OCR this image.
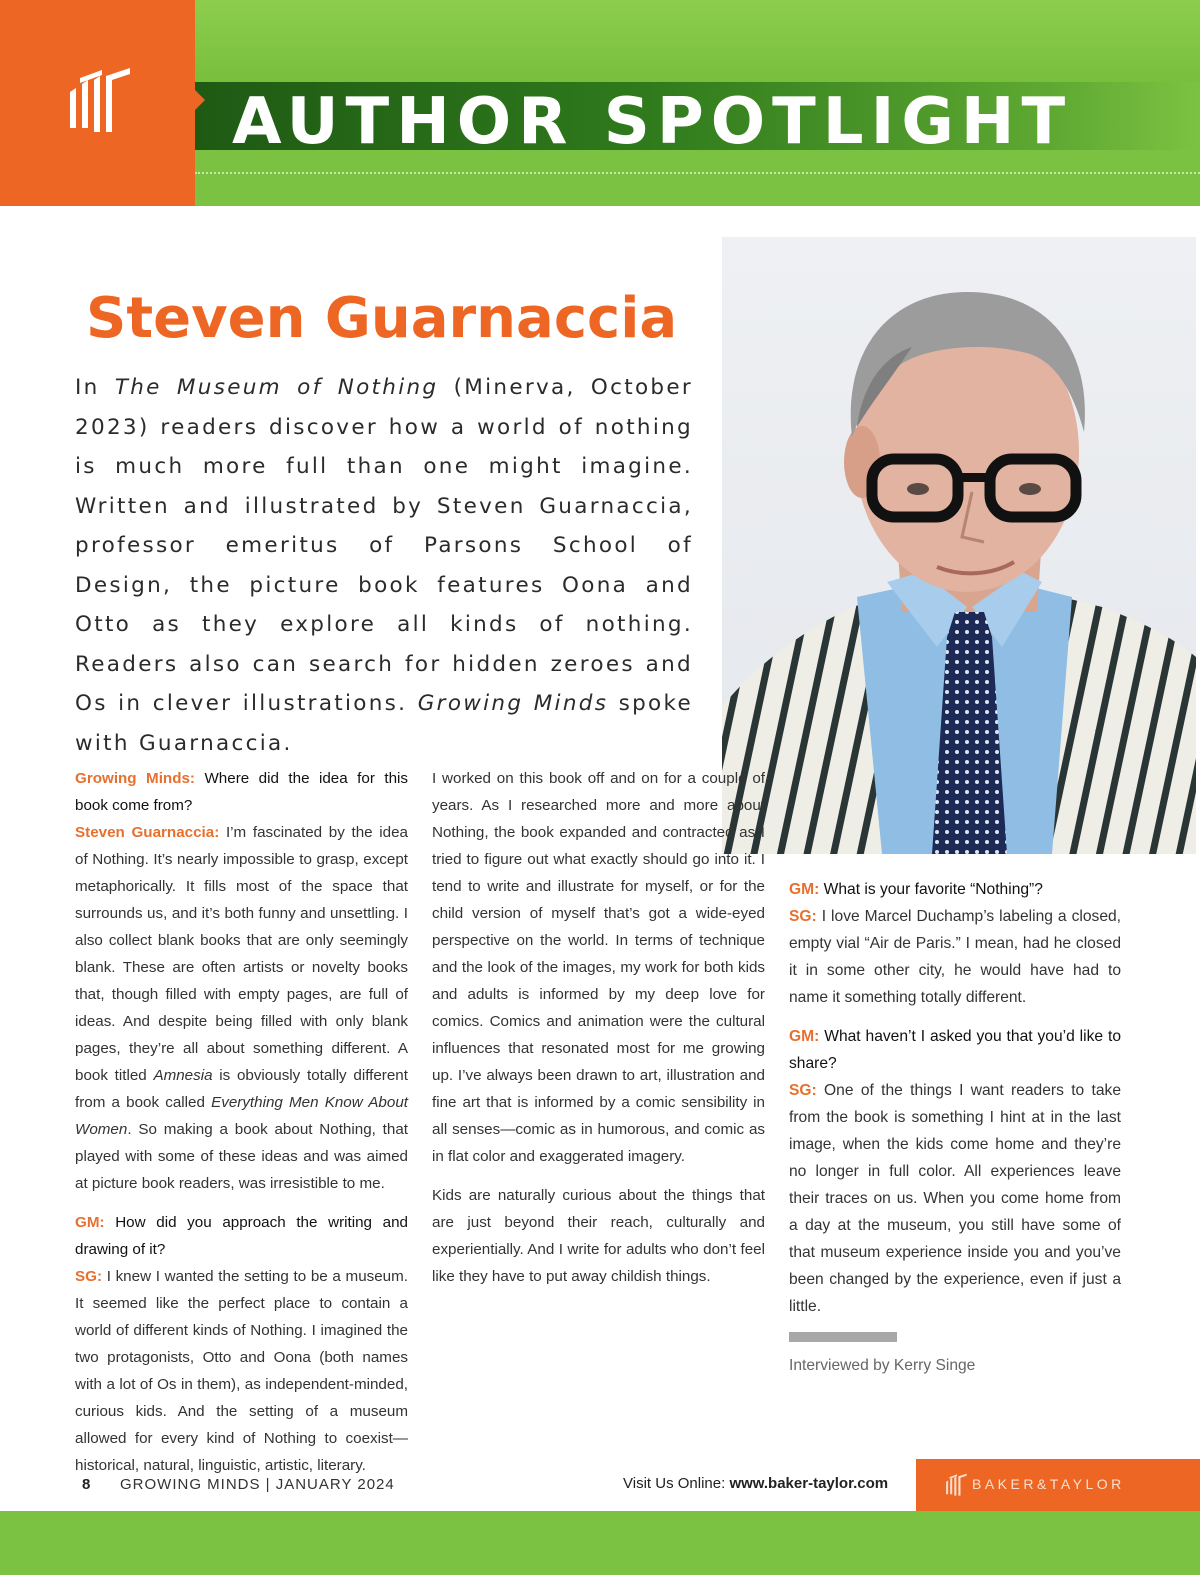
AUTHOR SPOTLIGHT
Steven Guarnaccia

In The Museum of Nothing (Minerva, October 2023) readers discover how a world of nothing is much more full than one might imagine. Written and illustrated by Steven Guarnaccia, professor emeritus of Parsons School of Design, the picture book features Oona and Otto as they explore all kinds of nothing. Readers also can search for hidden zeroes and Os in clever illustrations. Growing Minds spoke with Guarnaccia.

Growing Minds: Where did the idea for this book come from?
Steven Guarnaccia: I’m fascinated by the idea of Nothing. It’s nearly impossible to grasp, except metaphorically. It fills most of the space that surrounds us, and it’s both funny and unsettling. I also collect blank books that are only seemingly blank. These are often artists or novelty books that, though filled with empty pages, are full of ideas. And despite being filled with only blank pages, they’re all about something different. A book titled Amnesia is obviously totally different from a book called Everything Men Know About Women. So making a book about Nothing, that played with some of these ideas and was aimed at picture book readers, was irresistible to me.

GM: How did you approach the writing and drawing of it?
SG: I knew I wanted the setting to be a museum. It seemed like the perfect place to contain a world of different kinds of Nothing. I imagined the two protagonists, Otto and Oona (both names with a lot of Os in them), as independent-minded, curious kids. And the setting of a museum allowed for every kind of Nothing to coexist—historical, natural, linguistic, artistic, literary.

I worked on this book off and on for a couple of years. As I researched more and more about Nothing, the book expanded and contracted as I tried to figure out what exactly should go into it. I tend to write and illustrate for myself, or for the child version of myself that’s got a wide-eyed perspective on the world. In terms of technique and the look of the images, my work for both kids and adults is informed by my deep love for comics. Comics and animation were the cultural influences that resonated most for me growing up. I’ve always been drawn to art, illustration and fine art that is informed by a comic sensibility in all senses—comic as in humorous, and comic as in flat color and exaggerated imagery.

Kids are naturally curious about the things that are just beyond their reach, culturally and experientially. And I write for adults who don’t feel like they have to put away childish things.

GM: What is your favorite “Nothing”?
SG: I love Marcel Duchamp’s labeling a closed, empty vial “Air de Paris.” I mean, had he closed it in some other city, he would have had to name it something totally different.

GM: What haven’t I asked you that you’d like to share?
SG: One of the things I want readers to take from the book is something I hint at in the last image, when the kids come home and they’re no longer in full color. All experiences leave their traces on us. When you come home from a day at the museum, you still have some of that museum experience inside you and you’ve been changed by the experience, even if just a little.

Interviewed by Kerry Singe
8 GROWING MINDS | JANUARY 2024	Visit Us Online: www.baker-taylor.com	BAKER&TAYLOR
